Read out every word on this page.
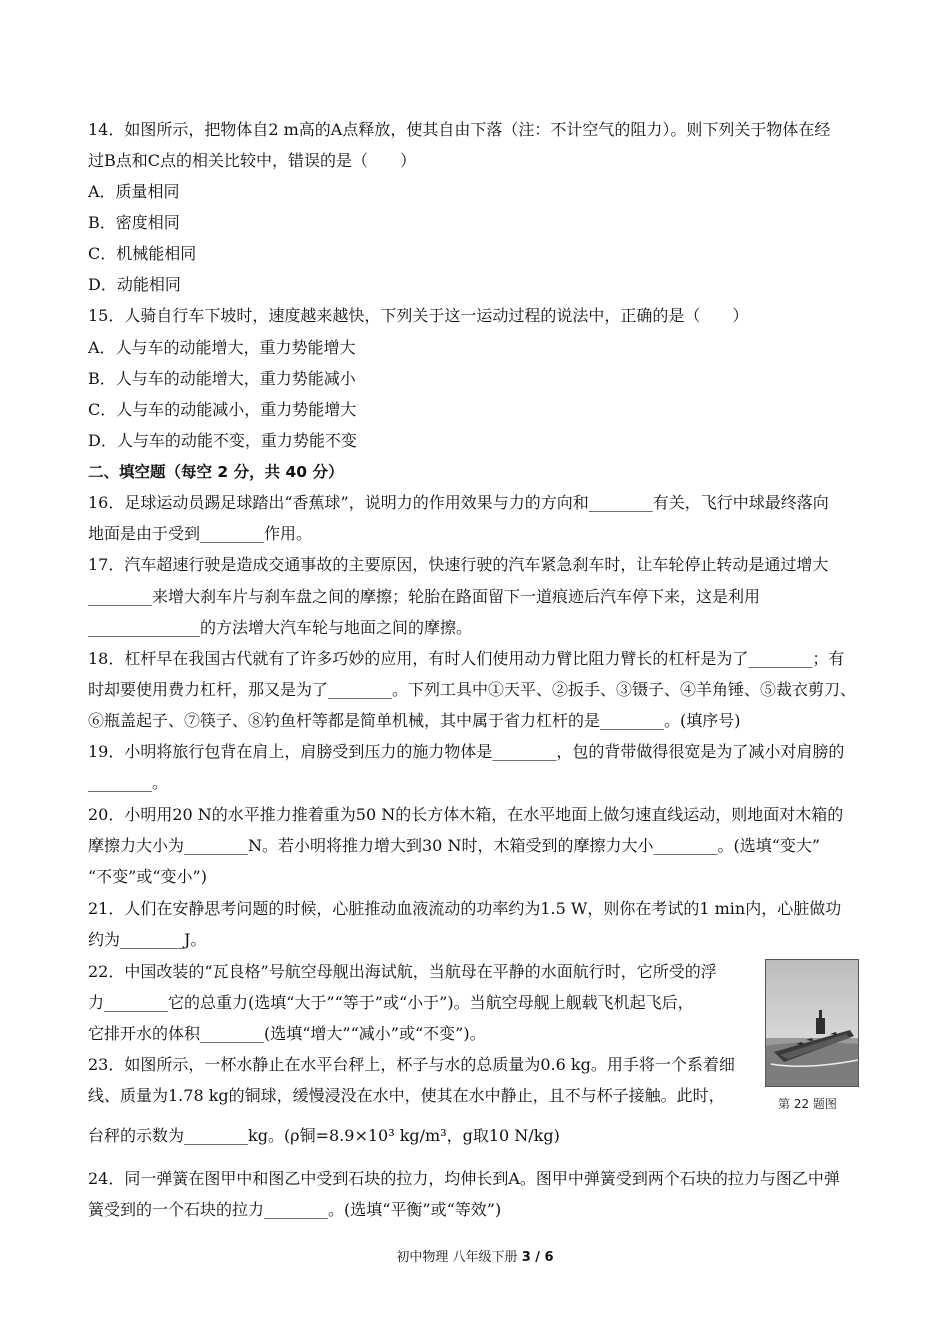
14．如图所示，把物体自2 m高的A点释放，使其自由下落（注：不计空气的阻力）。则下列关于物体在经
过B点和C点的相关比较中，错误的是（　　）
A．质量相同
B．密度相同
C．机械能相同
D．动能相同
15．人骑自行车下坡时，速度越来越快，下列关于这一运动过程的说法中，正确的是（　　）
A．人与车的动能增大，重力势能增大
B．人与车的动能增大，重力势能减小
C．人与车的动能减小，重力势能增大
D．人与车的动能不变，重力势能不变
二、填空题（每空 2 分，共 40 分）
16．足球运动员踢足球踏出“香蕉球”，说明力的作用效果与力的方向和________有关，飞行中球最终落向
地面是由于受到________作用。
17．汽车超速行驶是造成交通事故的主要原因，快速行驶的汽车紧急刹车时，让车轮停止转动是通过增大
________来增大刹车片与刹车盘之间的摩擦；轮胎在路面留下一道痕迹后汽车停下来，这是利用
______________的方法增大汽车轮与地面之间的摩擦。
18．杠杆早在我国古代就有了许多巧妙的应用，有时人们使用动力臂比阻力臂长的杠杆是为了________；有
时却要使用费力杠杆，那又是为了________。下列工具中①天平、②扳手、③镊子、④羊角锤、⑤裁衣剪刀、
⑥瓶盖起子、⑦筷子、⑧钓鱼杆等都是简单机械，其中属于省力杠杆的是________。(填序号)
19．小明将旅行包背在肩上，肩膀受到压力的施力物体是________，包的背带做得很宽是为了减小对肩膀的
________。
20．小明用20 N的水平推力推着重为50 N的长方体木箱，在水平地面上做匀速直线运动，则地面对木箱的
摩擦力大小为________N。若小明将推力增大到30 N时，木箱受到的摩擦力大小________。(选填“变大”
“不变”或“变小”)
21．人们在安静思考问题的时候，心脏推动血液流动的功率约为1.5 W，则你在考试的1 min内，心脏做功
约为________J。
22．中国改装的“瓦良格”号航空母舰出海试航，当航母在平静的水面航行时，它所受的浮
力________它的总重力(选填“大于”“等于”或“小于”)。当航空母舰上舰载飞机起飞后，
它排开水的体积________(选填“增大”“减小”或“不变”)。
23．如图所示，一杯水静止在水平台秤上，杯子与水的总质量为0.6 kg。用手将一个系着细
线、质量为1.78 kg的铜球，缓慢浸没在水中，使其在水中静止，且不与杯子接触。此时，
台秤的示数为________kg。(ρ铜=8.9×10³ kg/m³，g取10 N/kg)
24．同一弹簧在图甲中和图乙中受到石块的拉力，均伸长到A。图甲中弹簧受到两个石块的拉力与图乙中弹
簧受到的一个石块的拉力________。(选填“平衡”或“等效”)
第 22 题图
初中物理 八年级下册 3 / 6
